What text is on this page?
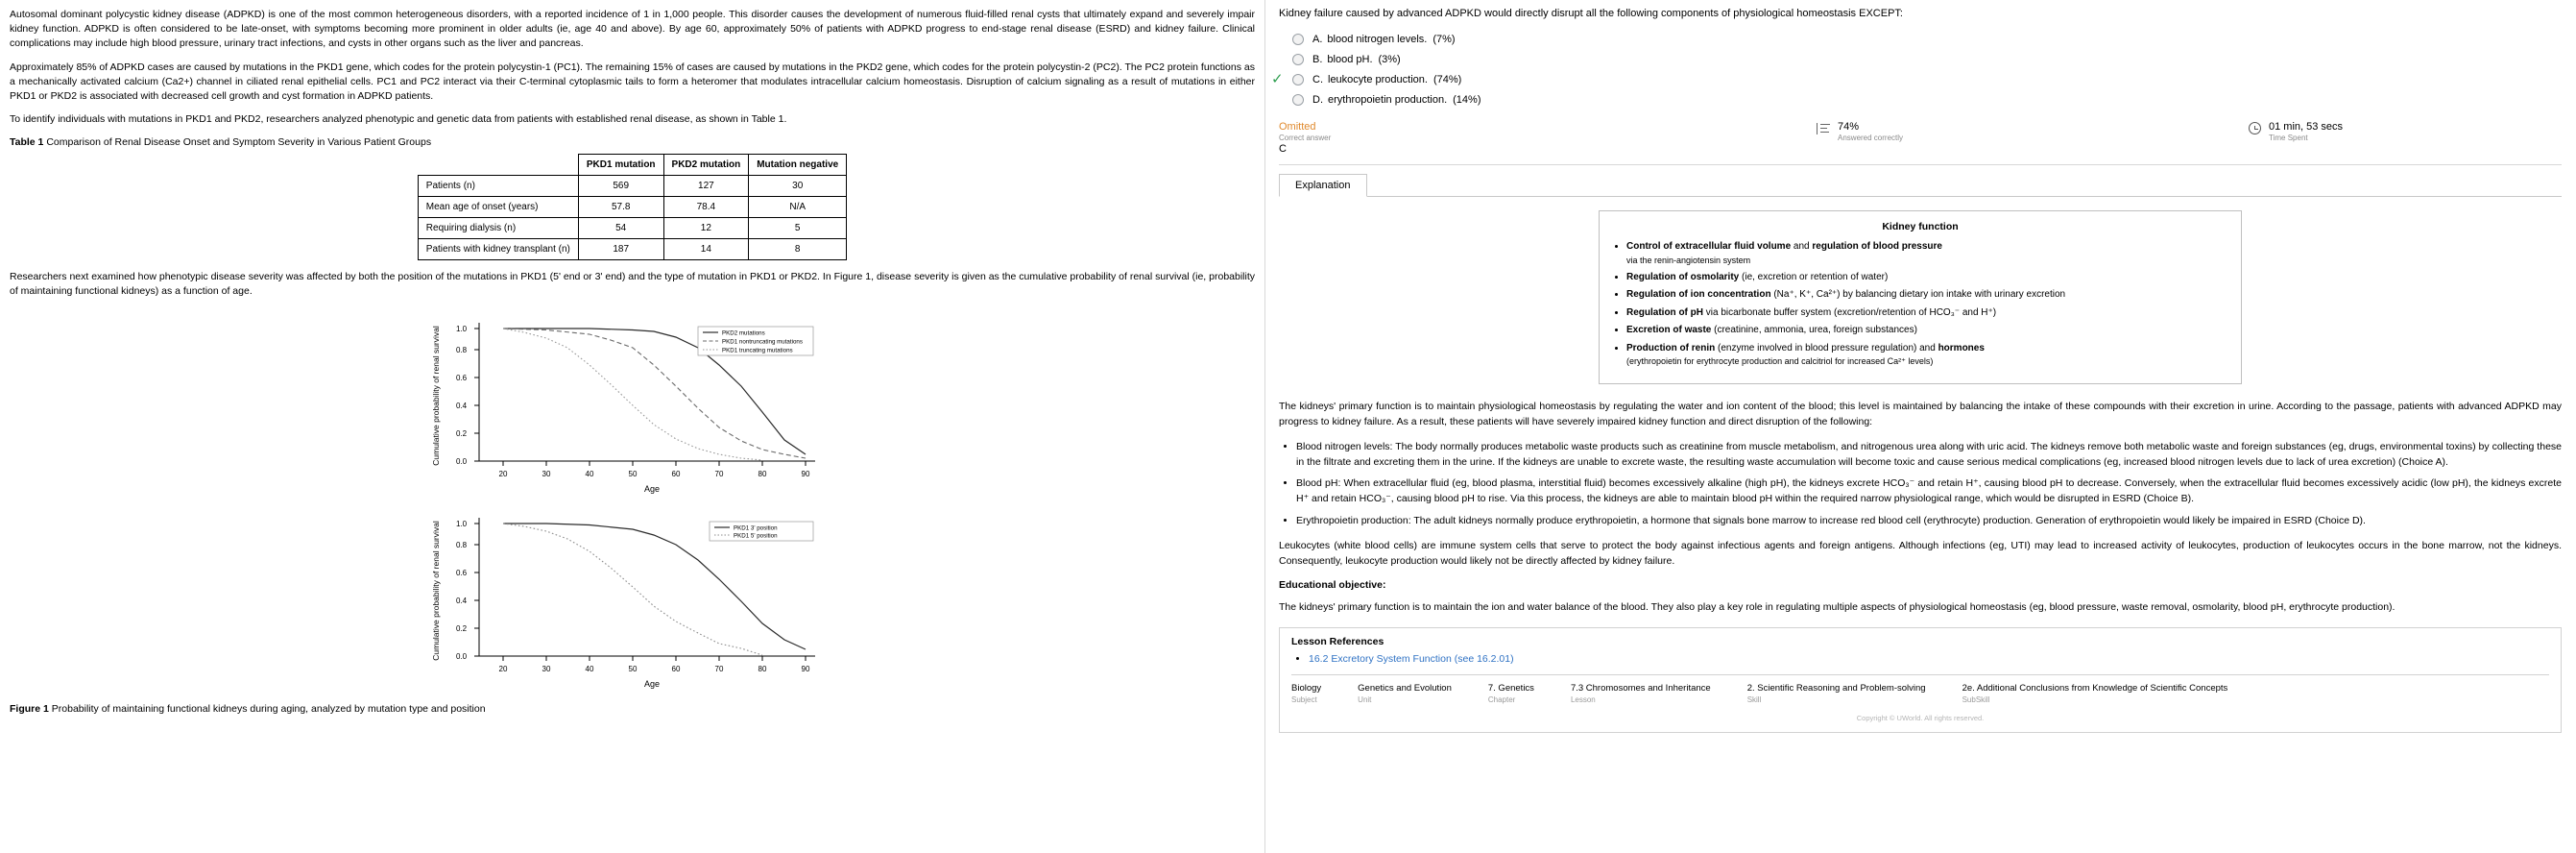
Autosomal dominant polycystic kidney disease (ADPKD) is one of the most common heterogeneous disorders, with a reported incidence of 1 in 1,000 people. This disorder causes the development of numerous fluid-filled renal cysts that ultimately expand and severely impair kidney function. ADPKD is often considered to be late-onset, with symptoms becoming more prominent in older adults (ie, age 40 and above). By age 60, approximately 50% of patients with ADPKD progress to end-stage renal disease (ESRD) and kidney failure. Clinical complications may include high blood pressure, urinary tract infections, and cysts in other organs such as the liver and pancreas.

Approximately 85% of ADPKD cases are caused by mutations in the PKD1 gene, which codes for the protein polycystin-1 (PC1). The remaining 15% of cases are caused by mutations in the PKD2 gene, which codes for the protein polycystin-2 (PC2). The PC2 protein functions as a mechanically activated calcium (Ca2+) channel in ciliated renal epithelial cells. PC1 and PC2 interact via their C-terminal cytoplasmic tails to form a heteromer that modulates intracellular calcium homeostasis. Disruption of calcium signaling as a result of mutations in either PKD1 or PKD2 is associated with decreased cell growth and cyst formation in ADPKD patients.

To identify individuals with mutations in PKD1 and PKD2, researchers analyzed phenotypic and genetic data from patients with established renal disease, as shown in Table 1.

Table 1 Comparison of Renal Disease Onset and Symptom Severity in Various Patient Groups
	PKD1 mutation	PKD2 mutation	Mutation negative
Patients (n)	569	127	30
Mean age of onset (years)	57.8	78.4	N/A
Requiring dialysis (n)	54	12	5
Patients with kidney transplant (n)	187	14	8

Researchers next examined how phenotypic disease severity was affected by both the position of the mutations in PKD1 (5' end or 3' end) and the type of mutation in PKD1 or PKD2. In Figure 1, disease severity is given as the cumulative probability of renal survival (ie, probability of maintaining functional kidneys) as a function of age.

0.0
0.2
0.4
0.6
0.8
1.0
20	30	40	50	60	70	80	90
Age
Cumulative probability of renal survival	PKD2 mutations
PKD1 nontruncating mutations
PKD1 truncating mutations
0.0
0.2
0.4
0.6
0.8
1.0
20	30	40	50	60	70	80	90
Age
Cumulative probability of renal survival	PKD1 3' position
PKD1 5' position
Figure 1 Probability of maintaining functional kidneys during aging, analyzed by mutation type and position
Kidney failure caused by advanced ADPKD would directly disrupt all the following components of physiological homeostasis EXCEPT:
A. blood nitrogen levels. (7%)
B. blood pH. (3%)
✓	C. leukocyte production. (74%)
D. erythropoietin production. (14%)
Omitted
Correct answer
C
74%
Answered correctly
01 min, 53 secs
Time Spent
Explanation
Kidney function
• Control of extracellular fluid volume and regulation of blood pressure
via the renin-angiotensin system
• Regulation of osmolarity (ie, excretion or retention of water)
• Regulation of ion concentration (Na⁺, K⁺, Ca²⁺) by balancing dietary ion intake with urinary excretion
• Regulation of pH via bicarbonate buffer system (excretion/retention of HCO₃⁻ and H⁺)
• Excretion of waste (creatinine, ammonia, urea, foreign substances)
• Production of renin (enzyme involved in blood pressure regulation) and hormones
(erythropoietin for erythrocyte production and calcitriol for increased Ca²⁺ levels)

The kidneys' primary function is to maintain physiological homeostasis by regulating the water and ion content of the blood; this level is maintained by balancing the intake of these compounds with their excretion in urine. According to the passage, patients with advanced ADPKD may progress to kidney failure. As a result, these patients will have severely impaired kidney function and direct disruption of the following:

• Blood nitrogen levels: The body normally produces metabolic waste products such as creatinine from muscle metabolism, and nitrogenous urea along with uric acid. The kidneys remove both metabolic waste and foreign substances (eg, drugs, environmental toxins) by collecting these in the filtrate and excreting them in the urine. If the kidneys are unable to excrete waste, the resulting waste accumulation will become toxic and cause serious medical complications (eg, increased blood nitrogen levels due to lack of urea excretion) (Choice A).
• Blood pH: When extracellular fluid (eg, blood plasma, interstitial fluid) becomes excessively alkaline (high pH), the kidneys excrete HCO₃⁻ and retain H⁺, causing blood pH to decrease. Conversely, when the extracellular fluid becomes excessively acidic (low pH), the kidneys excrete H⁺ and retain HCO₃⁻, causing blood pH to rise. Via this process, the kidneys are able to maintain blood pH within the required narrow physiological range, which would be disrupted in ESRD (Choice B).
• Erythropoietin production: The adult kidneys normally produce erythropoietin, a hormone that signals bone marrow to increase red blood cell (erythrocyte) production. Generation of erythropoietin would likely be impaired in ESRD (Choice D).

Leukocytes (white blood cells) are immune system cells that serve to protect the body against infectious agents and foreign antigens. Although infections (eg, UTI) may lead to increased activity of leukocytes, production of leukocytes occurs in the bone marrow, not the kidneys. Consequently, leukocyte production would likely not be directly affected by kidney failure.

Educational objective:

The kidneys' primary function is to maintain the ion and water balance of the blood. They also play a key role in regulating multiple aspects of physiological homeostasis (eg, blood pressure, waste removal, osmolarity, blood pH, erythrocyte production).

Lesson References
• 16.2 Excretory System Function (see 16.2.01)
Biology
Subject
Genetics and Evolution
Unit
7. Genetics
Chapter
7.3 Chromosomes and Inheritance
Lesson
2. Scientific Reasoning and Problem-solving
Skill
2e. Additional Conclusions from Knowledge of Scientific Concepts
SubSkill
Copyright © UWorld. All rights reserved.
